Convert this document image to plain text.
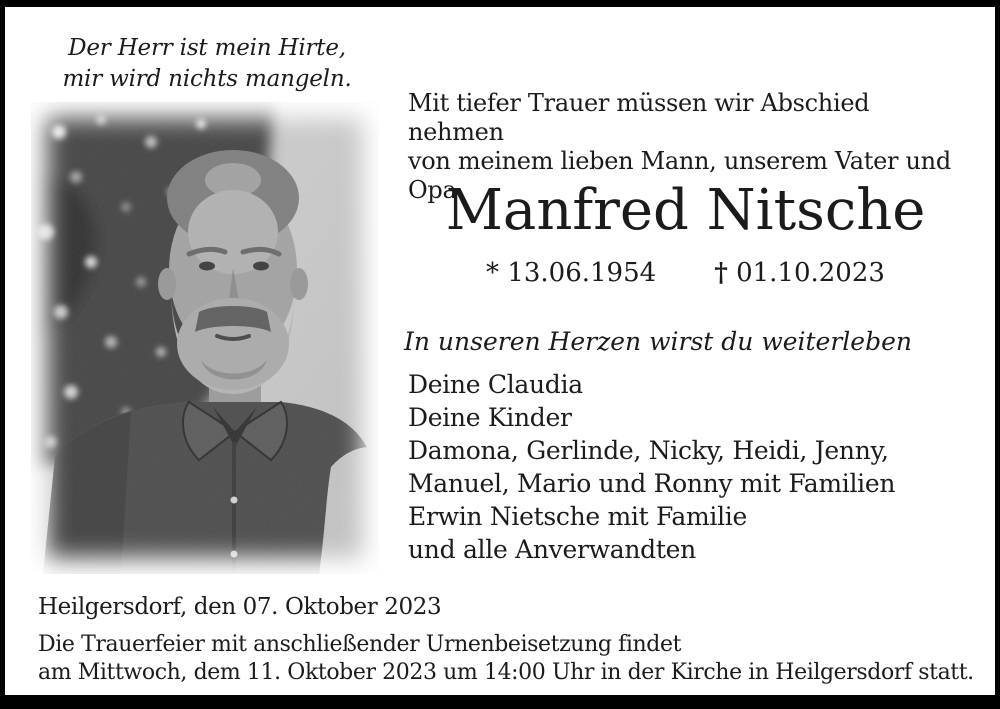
Der Herr ist mein Hirte,
mir wird nichts mangeln.
Mit tiefer Trauer müssen wir Abschied nehmen
von meinem lieben Mann, unserem Vater und Opa
Manfred Nitsche
* 13.06.1954 † 01.10.2023
In unseren Herzen wirst du weiterleben
Deine Claudia
Deine Kinder
Damona, Gerlinde, Nicky, Heidi, Jenny,
Manuel, Mario und Ronny mit Familien
Erwin Nietsche mit Familie
und alle Anverwandten
Heilgersdorf, den 07. Oktober 2023
Die Trauerfeier mit anschließender Urnenbeisetzung findet
am Mittwoch, dem 11. Oktober 2023 um 14:00 Uhr in der Kirche in Heilgersdorf statt.
